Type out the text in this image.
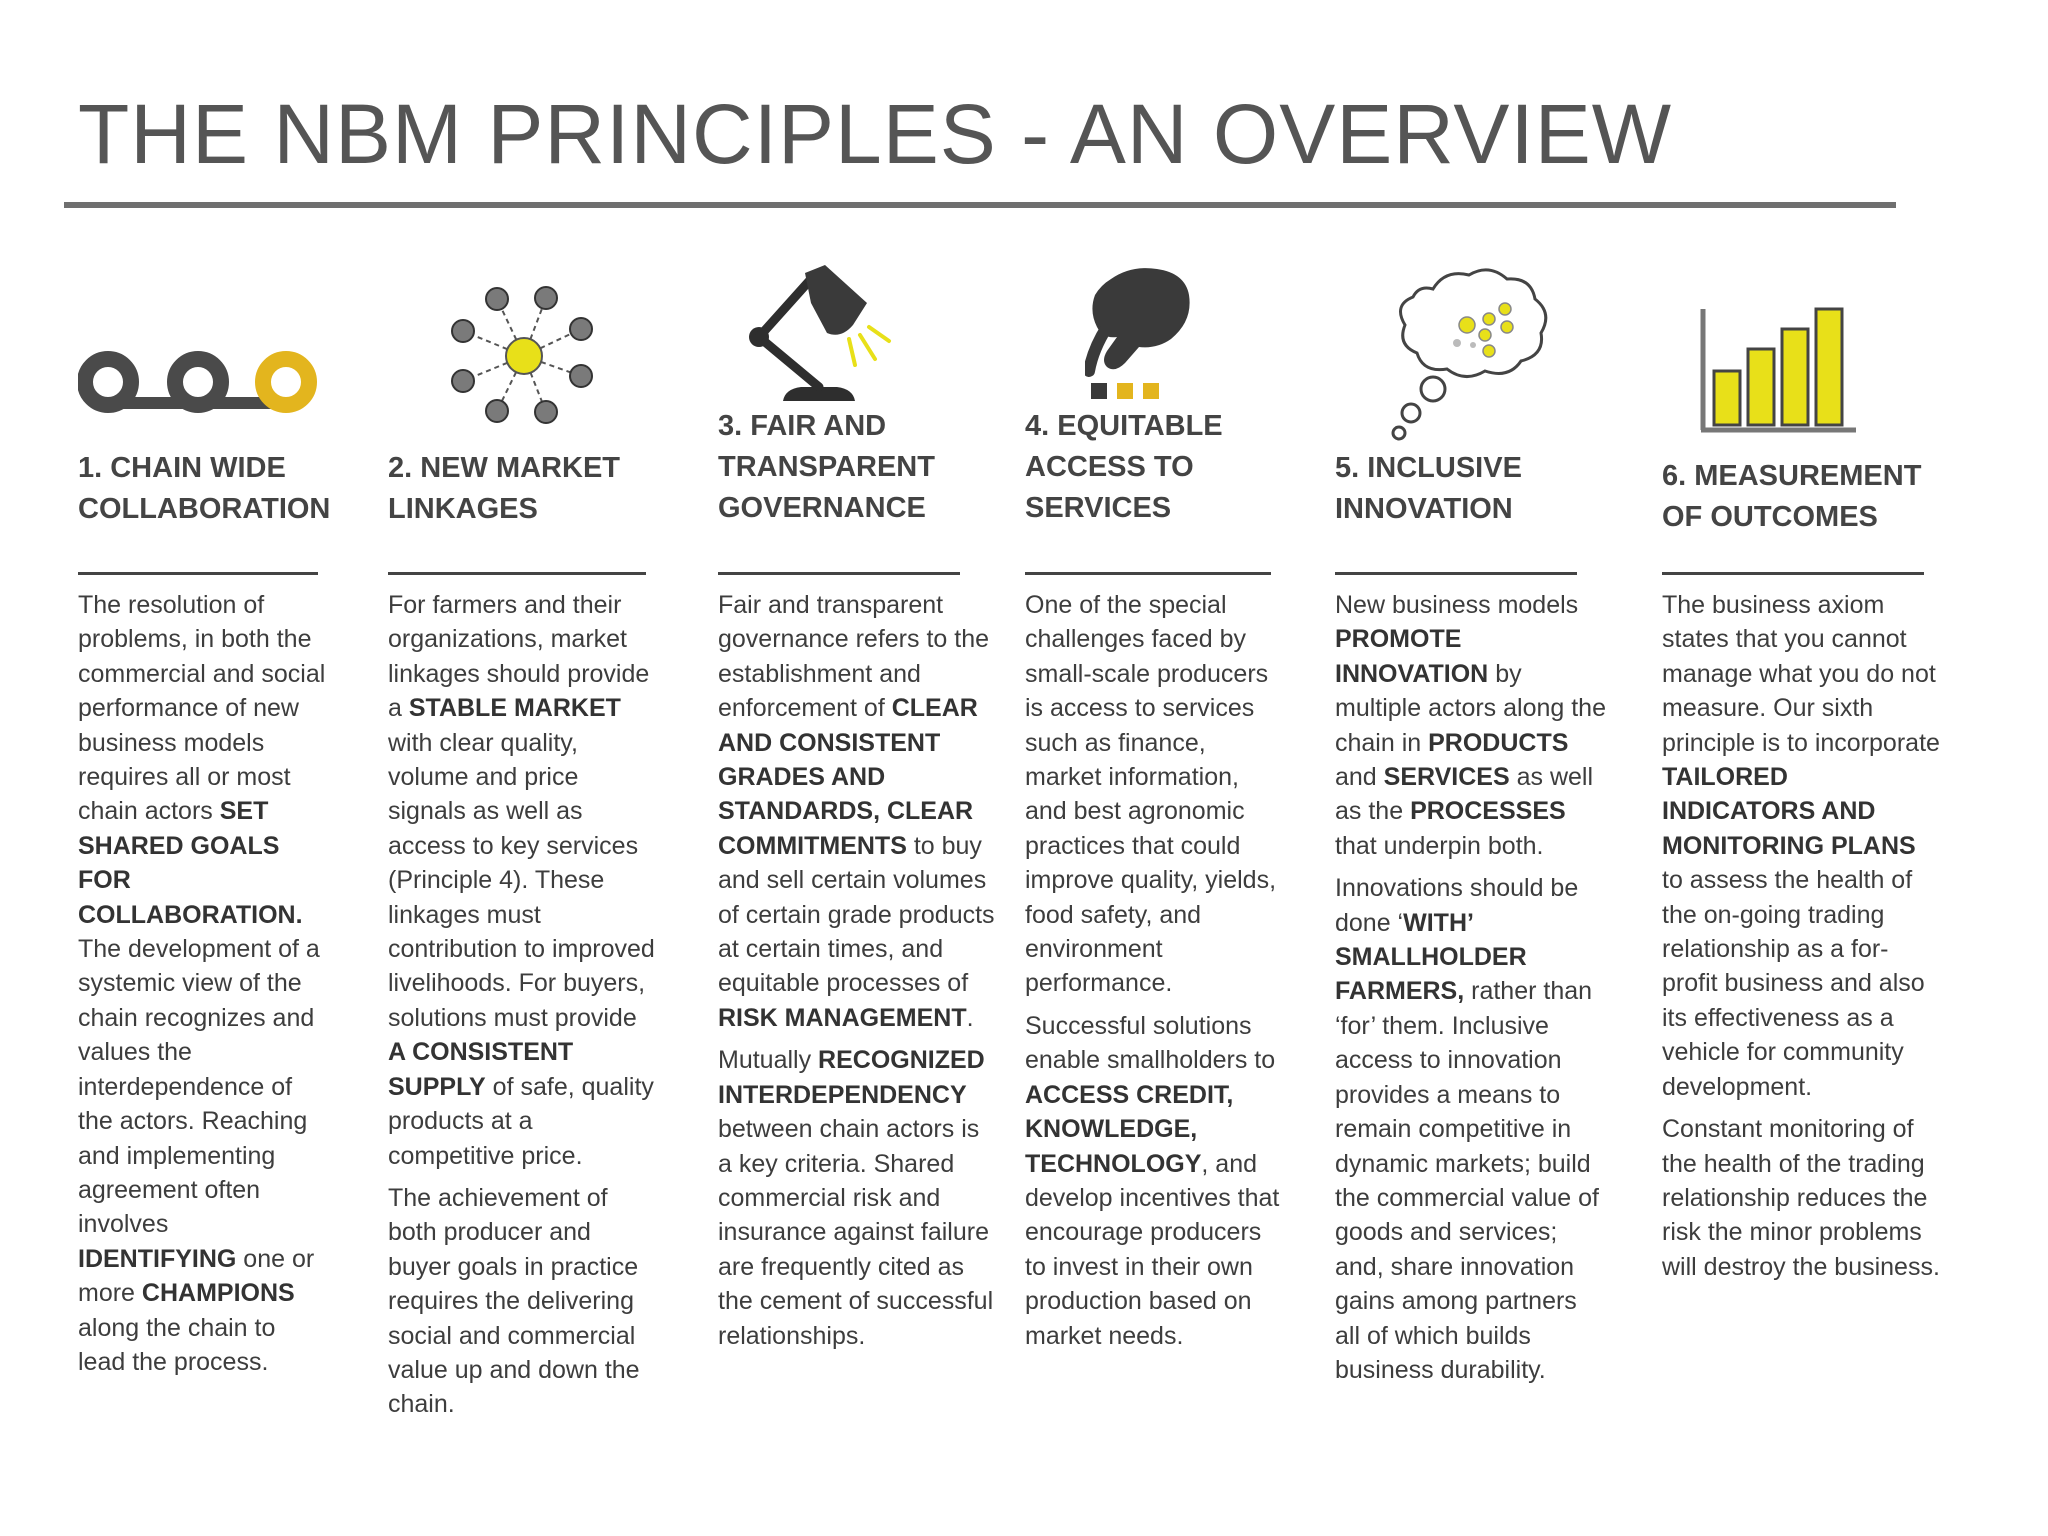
THE NBM PRINCIPLES - AN OVERVIEW
1. CHAIN WIDE
COLLABORATION

The resolution of problems, in both the commercial and social performance of new business models requires all or most chain actors SET SHARED GOALS FOR COLLABORATION. The development of a systemic view of the chain recognizes and values the interdependence of the actors. Reaching and implementing agreement often involves IDENTIFYING one or more CHAMPIONS along the chain to lead the process.

2. NEW MARKET
LINKAGES

For farmers and their organizations, market linkages should provide a STABLE MARKET with clear quality, volume and price signals as well as access to key services (Principle 4). These linkages must contribution to improved livelihoods. For buyers, solutions must provide A CONSISTENT SUPPLY of safe, quality products at a competitive price.

The achievement of both producer and buyer goals in practice requires the delivering social and commercial value up and down the chain.

3. FAIR AND
TRANSPARENT
GOVERNANCE

Fair and transparent governance refers to the establishment and enforcement of CLEAR AND CONSISTENT GRADES AND STANDARDS, CLEAR COMMITMENTS to buy and sell certain volumes of certain grade products at certain times, and equitable processes of RISK MANAGEMENT.

Mutually RECOGNIZED INTERDEPENDENCY between chain actors is a key criteria. Shared commercial risk and insurance against failure are frequently cited as the cement of successful relationships.

4. EQUITABLE
ACCESS TO
SERVICES

One of the special challenges faced by small-scale producers is access to services such as finance, market information, and best agronomic practices that could improve quality, yields, food safety, and environment performance.

Successful solutions enable smallholders to ACCESS CREDIT, KNOWLEDGE, TECHNOLOGY, and develop incentives that encourage producers to invest in their own production based on market needs.

5. INCLUSIVE
INNOVATION

New business models PROMOTE INNOVATION by multiple actors along the chain in PRODUCTS and SERVICES as well as the PROCESSES that underpin both.

Innovations should be done ‘WITH’ SMALLHOLDER FARMERS, rather than ‘for’ them. Inclusive access to innovation provides a means to remain competitive in dynamic markets; build the commercial value of goods and services; and, share innovation gains among partners all of which builds business durability.

6. MEASUREMENT
OF OUTCOMES

The business axiom states that you cannot manage what you do not measure. Our sixth principle is to incorporate TAILORED INDICATORS AND MONITORING PLANS to assess the health of the on-going trading relationship as a for-profit business and also its effectiveness as a vehicle for community development.

Constant monitoring of the health of the trading relationship reduces the risk the minor problems will destroy the business.
